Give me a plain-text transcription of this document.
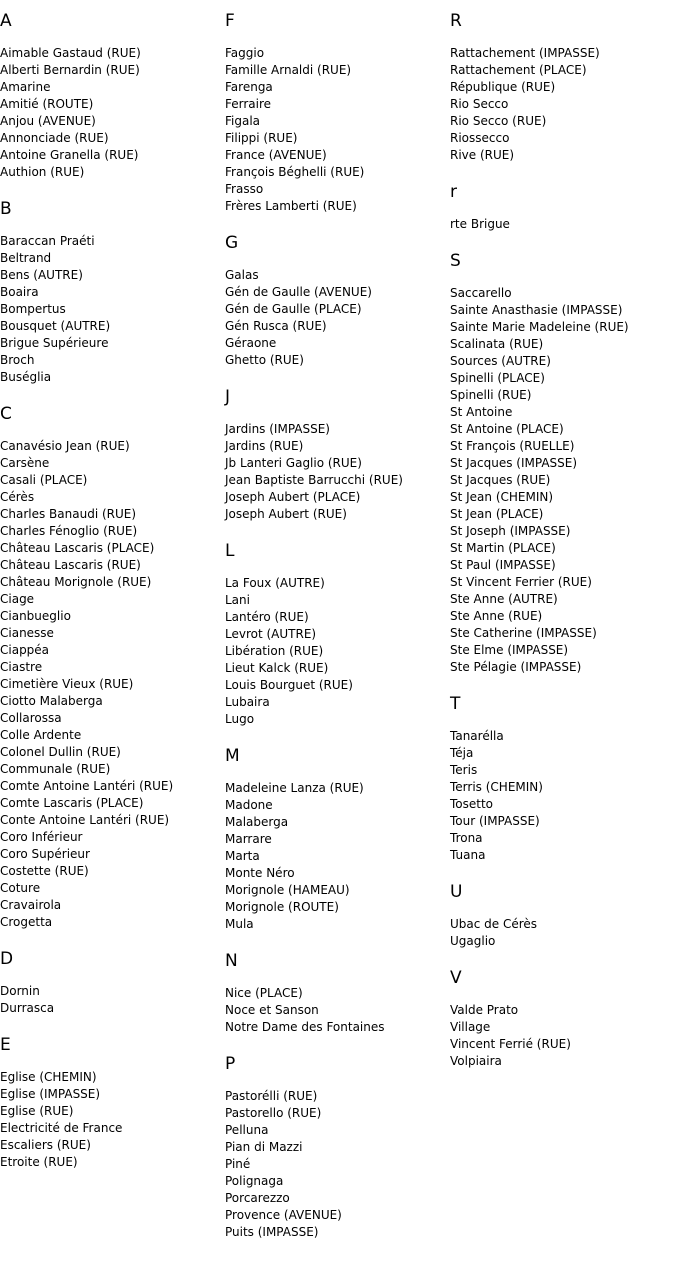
A
Aimable Gastaud (RUE)
Alberti Bernardin (RUE)
Amarine
Amitié (ROUTE)
Anjou (AVENUE)
Annonciade (RUE)
Antoine Granella (RUE)
Authion (RUE)
B
Baraccan Praéti
Beltrand
Bens (AUTRE)
Boaira
Bompertus
Bousquet (AUTRE)
Brigue Supérieure
Broch
Buséglia
C
Canavésio Jean (RUE)
Carsène
Casali (PLACE)
Cérès
Charles Banaudi (RUE)
Charles Fénoglio (RUE)
Château Lascaris (PLACE)
Château Lascaris (RUE)
Château Morignole (RUE)
Ciage
Cianbueglio
Cianesse
Ciappéa
Ciastre
Cimetière Vieux (RUE)
Ciotto Malaberga
Collarossa
Colle Ardente
Colonel Dullin (RUE)
Communale (RUE)
Comte Antoine Lantéri (RUE)
Comte Lascaris (PLACE)
Conte Antoine Lantéri (RUE)
Coro Inférieur
Coro Supérieur
Costette (RUE)
Coture
Cravairola
Crogetta
D
Dornin
Durrasca
E
Eglise (CHEMIN)
Eglise (IMPASSE)
Eglise (RUE)
Electricité de France
Escaliers (RUE)
Etroite (RUE)
F
Faggio
Famille Arnaldi (RUE)
Farenga
Ferraire
Figala
Filippi (RUE)
France (AVENUE)
François Béghelli (RUE)
Frasso
Frères Lamberti (RUE)
G
Galas
Gén de Gaulle (AVENUE)
Gén de Gaulle (PLACE)
Gén Rusca (RUE)
Géraone
Ghetto (RUE)
J
Jardins (IMPASSE)
Jardins (RUE)
Jb Lanteri Gaglio (RUE)
Jean Baptiste Barrucchi (RUE)
Joseph Aubert (PLACE)
Joseph Aubert (RUE)
L
La Foux (AUTRE)
Lani
Lantéro (RUE)
Levrot (AUTRE)
Libération (RUE)
Lieut Kalck (RUE)
Louis Bourguet (RUE)
Lubaira
Lugo
M
Madeleine Lanza (RUE)
Madone
Malaberga
Marrare
Marta
Monte Néro
Morignole (HAMEAU)
Morignole (ROUTE)
Mula
N
Nice (PLACE)
Noce et Sanson
Notre Dame des Fontaines
P
Pastorélli (RUE)
Pastorello (RUE)
Pelluna
Pian di Mazzi
Piné
Polignaga
Porcarezzo
Provence (AVENUE)
Puits (IMPASSE)
R
Rattachement (IMPASSE)
Rattachement (PLACE)
République (RUE)
Rio Secco
Rio Secco (RUE)
Riossecco
Rive (RUE)
r
rte Brigue
S
Saccarello
Sainte Anasthasie (IMPASSE)
Sainte Marie Madeleine (RUE)
Scalinata (RUE)
Sources (AUTRE)
Spinelli (PLACE)
Spinelli (RUE)
St Antoine
St Antoine (PLACE)
St François (RUELLE)
St Jacques (IMPASSE)
St Jacques (RUE)
St Jean (CHEMIN)
St Jean (PLACE)
St Joseph (IMPASSE)
St Martin (PLACE)
St Paul (IMPASSE)
St Vincent Ferrier (RUE)
Ste Anne (AUTRE)
Ste Anne (RUE)
Ste Catherine (IMPASSE)
Ste Elme (IMPASSE)
Ste Pélagie (IMPASSE)
T
Tanarélla
Téja
Teris
Terris (CHEMIN)
Tosetto
Tour (IMPASSE)
Trona
Tuana
U
Ubac de Cérès
Ugaglio
V
Valde Prato
Village
Vincent Ferrié (RUE)
Volpiaira
